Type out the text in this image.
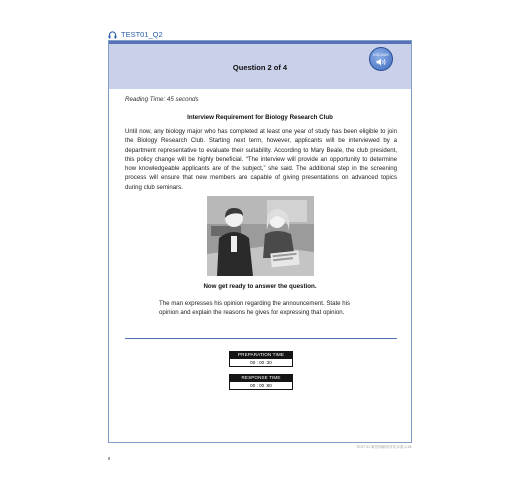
TEST01_Q2
Question 2 of 4
VOLUME
Reading Time: 45 seconds
Interview Requirement for Biology Research Club
Until now, any biology major who has completed at least one year of study has been eligible to join the Biology Research Club. Starting next term, however, applicants will be interviewed by a department representative to evaluate their suitability. According to Mary Beale, the club president, this policy change will be highly beneficial. “The interview will provide an opportunity to determine how knowledgeable applicants are of the subject,” she said. The additional step in the screening process will ensure that new members are capable of giving presentations on advanced topics during club seminars.
Now get ready to answer the question.
The man expresses his opinion regarding the announcement. State his opinion and explain the reasons he gives for expressing that opinion.
PREPARATION TIME
00 : 00 :30
RESPONSE TIME
00 : 00 :60
TEST 01 解答與解析詳見本書 p.38
8
